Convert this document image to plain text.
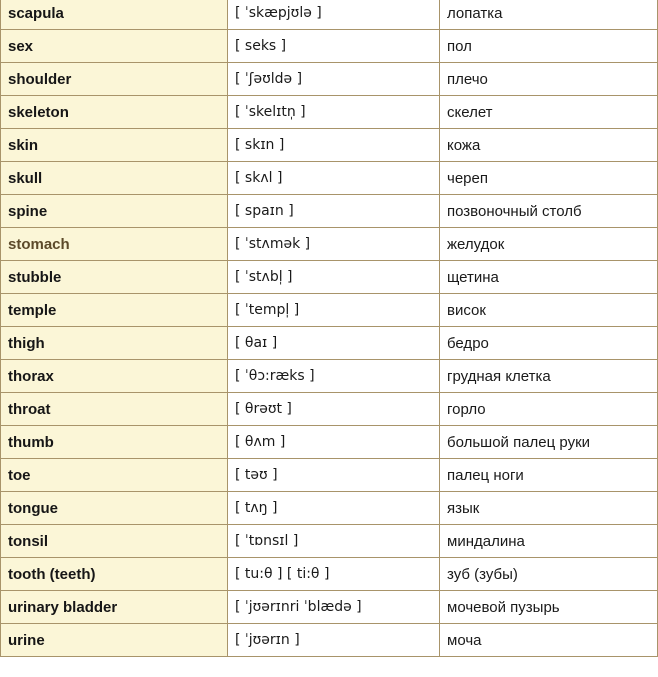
scapula	[ ˈskæpjʊlə ]	лопатка
sex	[ seks ]	пол
shoulder	[ ˈʃəʊldə ]	плечо
skeleton	[ ˈskelɪtn̩ ]	скелет
skin	[ skɪn ]	кожа
skull	[ skʌl ]	череп
spine	[ spaɪn ]	позвоночный столб
stomach	[ ˈstʌmək ]	желудок
stubble	[ ˈstʌbl̩ ]	щетина
temple	[ ˈtempl̩ ]	висок
thigh	[ θaɪ ]	бедро
thorax	[ ˈθɔ:ræks ]	грудная клетка
throat	[ θrəʊt ]	горло
thumb	[ θʌm ]	большой палец руки
toe	[ təʊ ]	палец ноги
tongue	[ tʌŋ ]	язык
tonsil	[ ˈtɒnsɪl ]	миндалина
tooth (teeth)	[ tu:θ ] [ ti:θ ]	зуб (зубы)
urinary bladder	[ ˈjʊərɪnri ˈblædə ]	мочевой пузырь
urine	[ ˈjʊərɪn ]	моча
